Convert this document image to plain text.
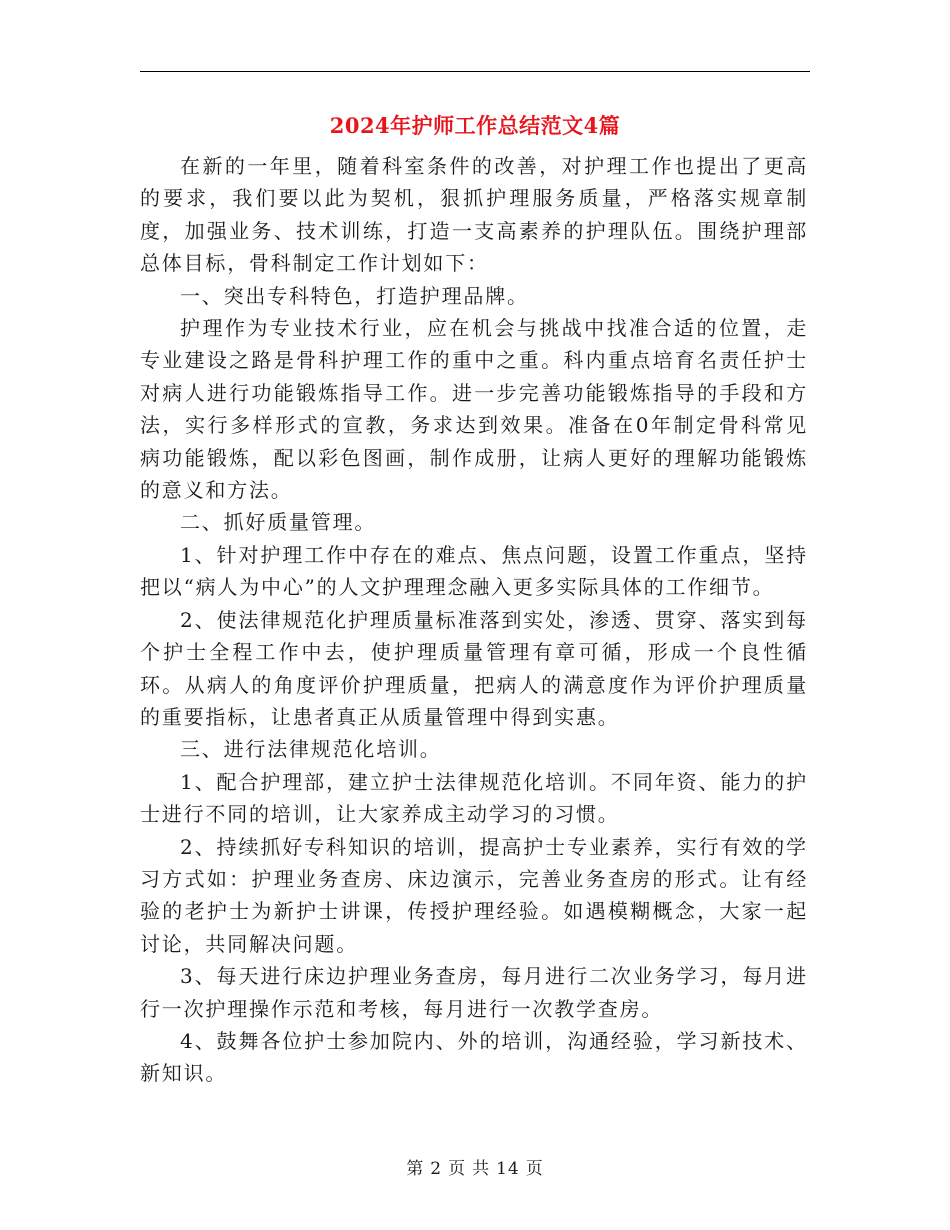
2024年护师工作总结范文4篇

在新的一年里，随着科室条件的改善，对护理工作也提出了更高的要求，我们要以此为契机，狠抓护理服务质量，严格落实规章制度，加强业务、技术训练，打造一支高素养的护理队伍。围绕护理部总体目标，骨科制定工作计划如下：

一、突出专科特色，打造护理品牌。

护理作为专业技术行业，应在机会与挑战中找准合适的位置，走专业建设之路是骨科护理工作的重中之重。科内重点培育名责任护士对病人进行功能锻炼指导工作。进一步完善功能锻炼指导的手段和方法，实行多样形式的宣教，务求达到效果。准备在0年制定骨科常见病功能锻炼，配以彩色图画，制作成册，让病人更好的理解功能锻炼的意义和方法。

二、抓好质量管理。

1、针对护理工作中存在的难点、焦点问题，设置工作重点，坚持把以“病人为中心”的人文护理理念融入更多实际具体的工作细节。

2、使法律规范化护理质量标准落到实处，渗透、贯穿、落实到每个护士全程工作中去，使护理质量管理有章可循，形成一个良性循环。从病人的角度评价护理质量，把病人的满意度作为评价护理质量的重要指标，让患者真正从质量管理中得到实惠。

三、进行法律规范化培训。

1、配合护理部，建立护士法律规范化培训。不同年资、能力的护士进行不同的培训，让大家养成主动学习的习惯。

2、持续抓好专科知识的培训，提高护士专业素养，实行有效的学习方式如：护理业务查房、床边演示，完善业务查房的形式。让有经验的老护士为新护士讲课，传授护理经验。如遇模糊概念，大家一起讨论，共同解决问题。

3、每天进行床边护理业务查房，每月进行二次业务学习，每月进行一次护理操作示范和考核，每月进行一次教学查房。

4、鼓舞各位护士参加院内、外的培训，沟通经验，学习新技术、新知识。

第 2 页 共 14 页
